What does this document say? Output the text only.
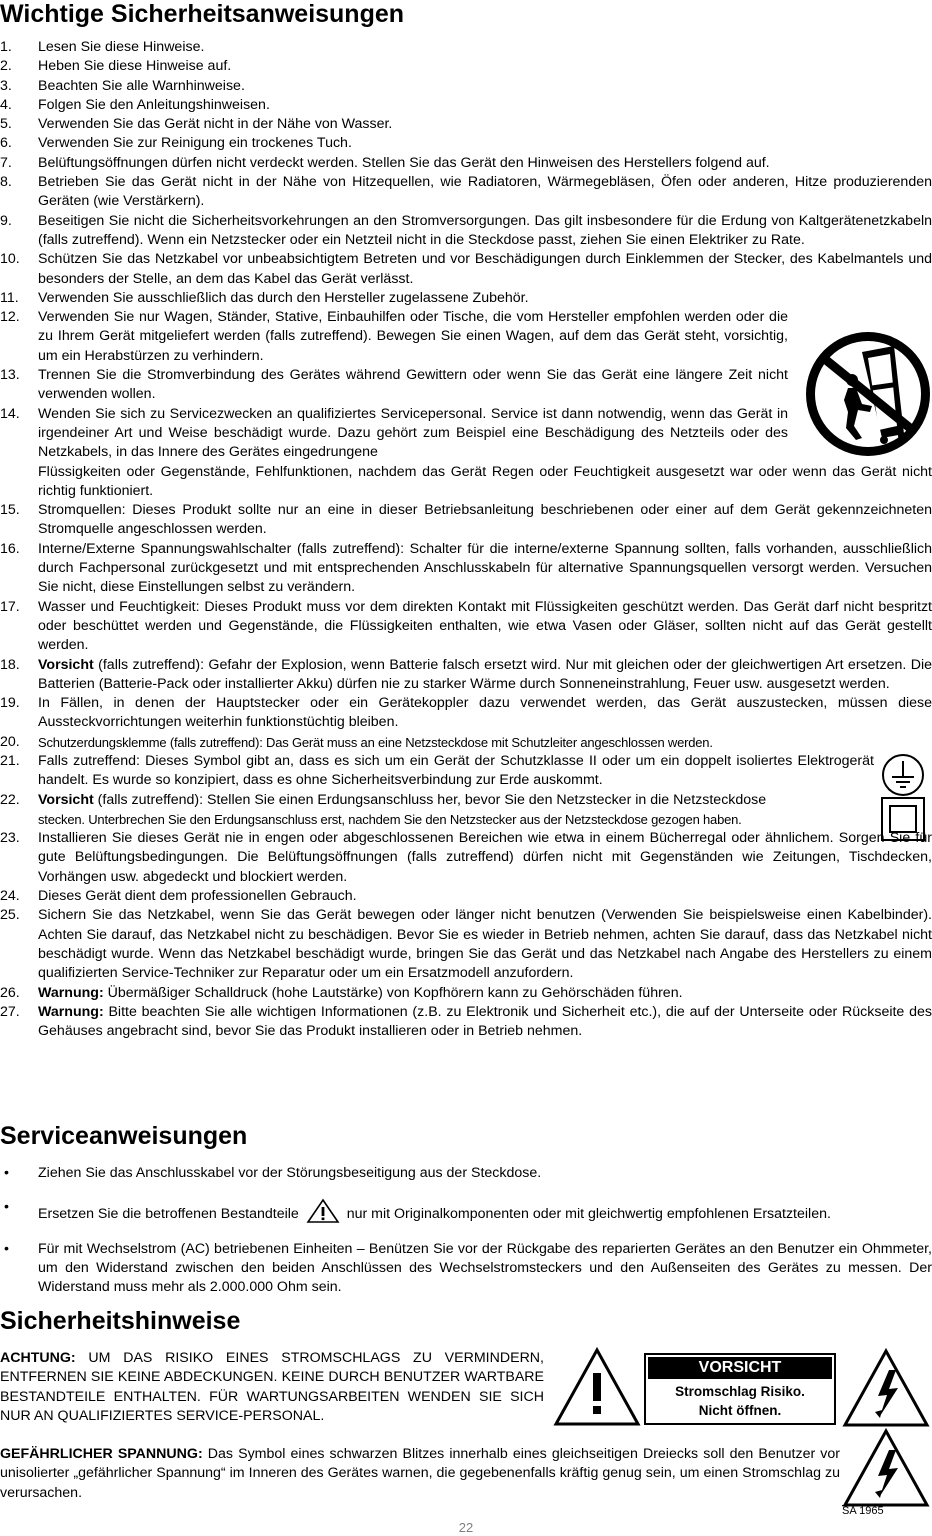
Wichtige Sicherheitsanweisungen
1.	Lesen Sie diese Hinweise.
2.	Heben Sie diese Hinweise auf.
3.	Beachten Sie alle Warnhinweise.
4.	Folgen Sie den Anleitungshinweisen.
5.	Verwenden Sie das Gerät nicht in der Nähe von Wasser.
6.	Verwenden Sie zur Reinigung ein trockenes Tuch.
7.	Belüftungsöffnungen dürfen nicht verdeckt werden. Stellen Sie das Gerät den Hinweisen des Herstellers folgend auf.
8.	Betrieben Sie das Gerät nicht in der Nähe von Hitzequellen, wie Radiatoren, Wärmegebläsen, Öfen oder anderen, Hitze produzierenden Geräten (wie Verstärkern).
9.	Beseitigen Sie nicht die Sicherheitsvorkehrungen an den Stromversorgungen. Das gilt insbesondere für die Erdung von Kaltgerätenetzkabeln (falls zutreffend). Wenn ein Netzstecker oder ein Netzteil nicht in die Steckdose passt, ziehen Sie einen Elektriker zu Rate.
10.	Schützen Sie das Netzkabel vor unbeabsichtigtem Betreten und vor Beschädigungen durch Einklemmen der Stecker, des Kabelmantels und besonders der Stelle, an dem das Kabel das Gerät verlässt.
11.	Verwenden Sie ausschließlich das durch den Hersteller zugelassene Zubehör.
12.	Verwenden Sie nur Wagen, Ständer, Stative, Einbauhilfen oder Tische, die vom Hersteller empfohlen werden oder die zu Ihrem Gerät mitgeliefert werden (falls zutreffend). Bewegen Sie einen Wagen, auf dem das Gerät steht, vorsichtig, um ein Herabstürzen zu verhindern.
13.	Trennen Sie die Stromverbindung des Gerätes während Gewittern oder wenn Sie das Gerät eine längere Zeit nicht verwenden wollen.
14.	Wenden Sie sich zu Servicezwecken an qualifiziertes Servicepersonal. Service ist dann notwendig, wenn das Gerät in irgendeiner Art und Weise beschädigt wurde. Dazu gehört zum Beispiel eine Beschädigung des Netzteils oder des Netzkabels, in das Innere des Gerätes eingedrungene
Flüssigkeiten oder Gegenstände, Fehlfunktionen, nachdem das Gerät Regen oder Feuchtigkeit ausgesetzt war oder wenn das Gerät nicht richtig funktioniert.
15.	Stromquellen: Dieses Produkt sollte nur an eine in dieser Betriebsanleitung beschriebenen oder einer auf dem Gerät gekennzeichneten Stromquelle angeschlossen werden.
16.	Interne/Externe Spannungswahlschalter (falls zutreffend): Schalter für die interne/externe Spannung sollten, falls vorhanden, ausschließlich durch Fachpersonal zurückgesetzt und mit entsprechenden Anschlusskabeln für alternative Spannungsquellen versorgt werden. Versuchen Sie nicht, diese Einstellungen selbst zu verändern.
17.	Wasser und Feuchtigkeit: Dieses Produkt muss vor dem direkten Kontakt mit Flüssigkeiten geschützt werden. Das Gerät darf nicht bespritzt oder beschüttet werden und Gegenstände, die Flüssigkeiten enthalten, wie etwa Vasen oder Gläser, sollten nicht auf das Gerät gestellt werden.
18.	Vorsicht (falls zutreffend): Gefahr der Explosion, wenn Batterie falsch ersetzt wird. Nur mit gleichen oder der gleichwertigen Art ersetzen. Die Batterien (Batterie-Pack oder installierter Akku) dürfen nie zu starker Wärme durch Sonneneinstrahlung, Feuer usw. ausgesetzt werden.
19.	In Fällen, in denen der Hauptstecker oder ein Gerätekoppler dazu verwendet werden, das Gerät auszustecken, müssen diese Aussteckvorrichtungen weiterhin funktionstüchtig bleiben.
20.	Schutzerdungsklemme (falls zutreffend): Das Gerät muss an eine Netzsteckdose mit Schutzleiter angeschlossen werden.
21.	Falls zutreffend: Dieses Symbol gibt an, dass es sich um ein Gerät der Schutzklasse II oder um ein doppelt isoliertes Elektrogerät handelt. Es wurde so konzipiert, dass es ohne Sicherheitsverbindung zur Erde auskommt.
22.	Vorsicht (falls zutreffend): Stellen Sie einen Erdungsanschluss her, bevor Sie den Netzstecker in die Netzsteckdose
stecken. Unterbrechen Sie den Erdungsanschluss erst, nachdem Sie den Netzstecker aus der Netzsteckdose gezogen haben.
23.	Installieren Sie dieses Gerät nie in engen oder abgeschlossenen Bereichen wie etwa in einem Bücherregal oder ähnlichem. Sorgen Sie für gute Belüftungsbedingungen. Die Belüftungsöffnungen (falls zutreffend) dürfen nicht mit Gegenständen wie Zeitungen, Tischdecken, Vorhängen usw. abgedeckt und blockiert werden.
24.	Dieses Gerät dient dem professionellen Gebrauch.
25.	Sichern Sie das Netzkabel, wenn Sie das Gerät bewegen oder länger nicht benutzen (Verwenden Sie beispielsweise einen Kabelbinder). Achten Sie darauf, das Netzkabel nicht zu beschädigen. Bevor Sie es wieder in Betrieb nehmen, achten Sie darauf, dass das Netzkabel nicht beschädigt wurde. Wenn das Netzkabel beschädigt wurde, bringen Sie das Gerät und das Netzkabel nach Angabe des Herstellers zu einem qualifizierten Service-Techniker zur Reparatur oder um ein Ersatzmodell anzufordern.
26.	Warnung: Übermäßiger Schalldruck (hohe Lautstärke) von Kopfhörern kann zu Gehörschäden führen.
27.	Warnung: Bitte beachten Sie alle wichtigen Informationen (z.B. zu Elektronik und Sicherheit etc.), die auf der Unterseite oder Rückseite des Gehäuses angebracht sind, bevor Sie das Produkt installieren oder in Betrieb nehmen.
Serviceanweisungen
•	Ziehen Sie das Anschlusskabel vor der Störungsbeseitigung aus der Steckdose.
•	Ersetzen Sie die betroffenen Bestandteile	nur mit Originalkomponenten oder mit gleichwertig empfohlenen Ersatzteilen.
•	Für mit Wechselstrom (AC) betriebenen Einheiten – Benützen Sie vor der Rückgabe des reparierten Gerätes an den Benutzer ein Ohmmeter, um den Widerstand zwischen den beiden Anschlüssen des Wechselstromsteckers und den Außenseiten des Gerätes zu messen. Der Widerstand muss mehr als 2.000.000 Ohm sein.
Sicherheitshinweise
ACHTUNG: UM DAS RISIKO EINES STROMSCHLAGS ZU VERMINDERN, ENTFERNEN SIE KEINE ABDECKUNGEN. KEINE DURCH BENUTZER WARTBARE BESTANDTEILE ENTHALTEN. FÜR WARTUNGSARBEITEN WENDEN SIE SICH NUR AN QUALIFIZIERTES SERVICE-PERSONAL.
GEFÄHRLICHER SPANNUNG: Das Symbol eines schwarzen Blitzes innerhalb eines gleichseitigen Dreiecks soll den Benutzer vor unisolierter „gefährlicher Spannung“ im Inneren des Gerätes warnen, die gegebenenfalls kräftig genug sein, um einen Stromschlag zu verursachen.
VORSICHT
Stromschlag Risiko.
Nicht öffnen.
SA 1965
22
